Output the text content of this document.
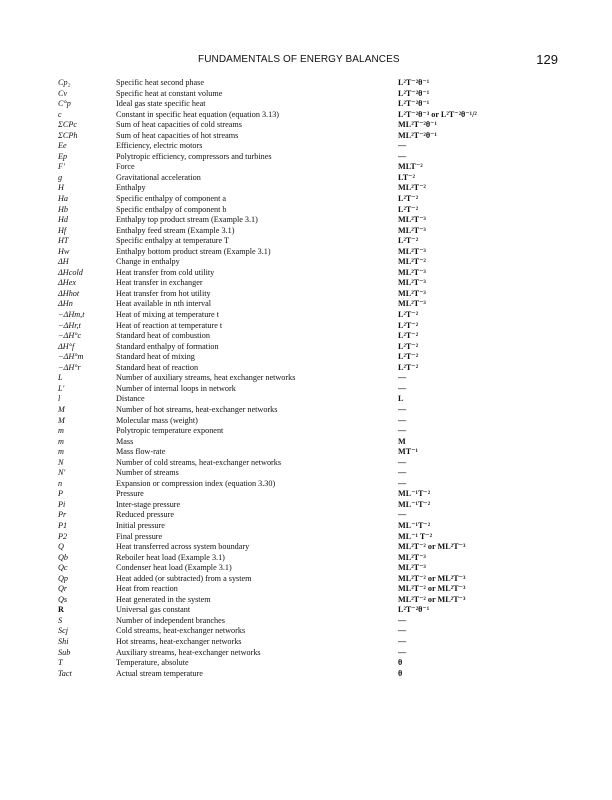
FUNDAMENTALS OF ENERGY BALANCES	129
Cp₂	Specific heat second phase	L²T⁻²θ⁻¹
Cv	Specific heat at constant volume	L²T⁻²θ⁻¹
C°p	Ideal gas state specific heat	L²T⁻²θ⁻¹
c	Constant in specific heat equation (equation 3.13)	L²T⁻²θ⁻³ or L²T⁻²θ⁻¹/²
ΣCPc	Sum of heat capacities of cold streams	ML²T⁻²θ⁻¹
ΣCPh	Sum of heat capacities of hot streams	ML²T⁻²θ⁻¹
Ee	Efficiency, electric motors	—
Ep	Polytropic efficiency, compressors and turbines	—
F′	Force	MLT⁻²
g	Gravitational acceleration	LT⁻²
H	Enthalpy	ML²T⁻²
Ha	Specific enthalpy of component a	L²T⁻²
Hb	Specific enthalpy of component b	L²T⁻²
Hd	Enthalpy top product stream (Example 3.1)	ML²T⁻³
Hf	Enthalpy feed stream (Example 3.1)	ML²T⁻³
HT	Specific enthalpy at temperature T	L²T⁻²
Hw	Enthalpy bottom product stream (Example 3.1)	ML²T⁻³
ΔH	Change in enthalpy	ML²T⁻²
ΔHcold	Heat transfer from cold utility	ML²T⁻³
ΔHex	Heat transfer in exchanger	ML²T⁻³
ΔHhot	Heat transfer from hot utility	ML²T⁻³
ΔHn	Heat available in nth interval	ML²T⁻³
−ΔHm,t	Heat of mixing at temperature t	L²T⁻²
−ΔHr,t	Heat of reaction at temperature t	L²T⁻²
−ΔH°c	Standard heat of combustion	L²T⁻²
ΔH°f	Standard enthalpy of formation	L²T⁻²
−ΔH°m	Standard heat of mixing	L²T⁻²
−ΔH°r	Standard heat of reaction	L²T⁻²
L	Number of auxiliary streams, heat exchanger networks	—
L′	Number of internal loops in network	—
l	Distance	L
M	Number of hot streams, heat-exchanger networks	—
M	Molecular mass (weight)	—
m	Polytropic temperature exponent	—
m	Mass	M
m	Mass flow-rate	MT⁻¹
N	Number of cold streams, heat-exchanger networks	—
N′	Number of streams	—
n	Expansion or compression index (equation 3.30)	—
P	Pressure	ML⁻¹T⁻²
Pi	Inter-stage pressure	ML⁻¹T⁻²
Pr	Reduced pressure	—
P1	Initial pressure	ML⁻¹T⁻²
P2	Final pressure	ML⁻¹ T⁻²
Q	Heat transferred across system boundary	ML²T⁻² or ML²T⁻³
Qb	Reboiler heat load (Example 3.1)	ML²T⁻³
Qc	Condenser heat load (Example 3.1)	ML²T⁻³
Qp	Heat added (or subtracted) from a system	ML²T⁻² or ML²T⁻³
Qr	Heat from reaction	ML²T⁻² or ML²T⁻³
Qs	Heat generated in the system	ML²T⁻² or ML²T⁻³
R	Universal gas constant	L²T⁻²θ⁻¹
S	Number of independent branches	—
Scj	Cold streams, heat-exchanger networks	—
Shi	Hot streams, heat-exchanger networks	—
Sub	Auxiliary streams, heat-exchanger networks	—
T	Temperature, absolute	θ
Tact	Actual stream temperature	θ
